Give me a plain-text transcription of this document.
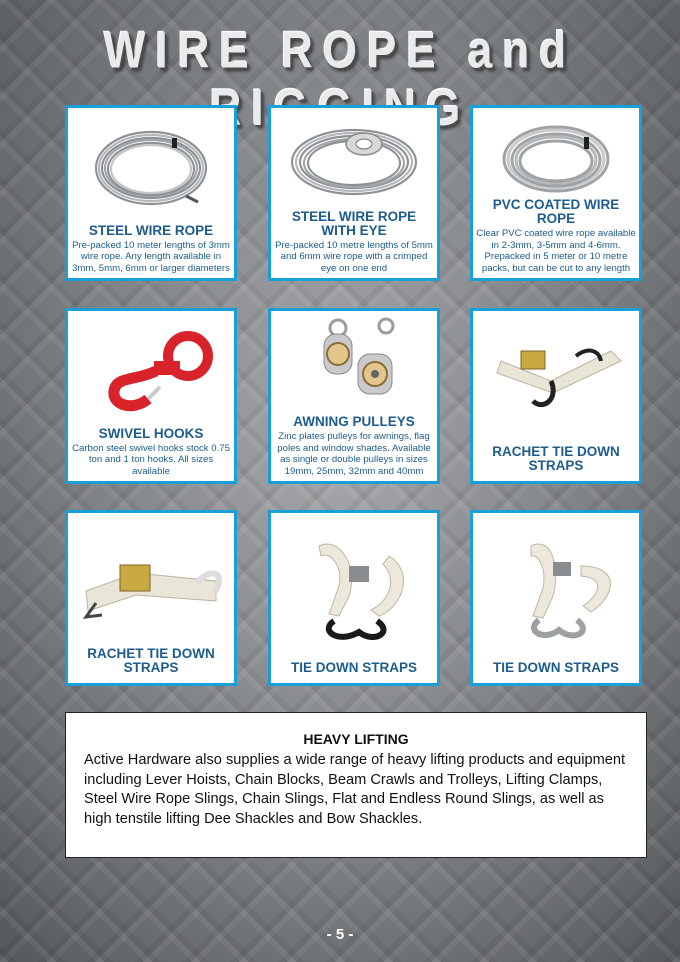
WIRE ROPE and
STEEL WIRE ROPE
Pre-packed 10 meter lengths of 3mm wire rope. Any length available in 3mm, 5mm, 6mm or larger diameters
STEEL WIRE ROPE WITH EYE
Pre-packed 10 metre lengths of 5mm and 6mm wire rope with a crimped eye on one end
PVC COATED WIRE ROPE
Clear PVC coated wire rope available in 2-3mm, 3-5mm and 4-6mm. Prepacked in 5 meter or 10 metre packs, but can be cut to any length
SWIVEL HOOKS
Carbon steel swivel hooks stock 0.75 ton and 1 ton hooks. All sizes available
AWNING PULLEYS
Zinc plates pulleys for awnings, flag poles and window shades. Available as single or double pulleys in sizes 19mm, 25mm, 32mm and 40mm
RACHET TIE DOWN STRAPS
RACHET TIE DOWN STRAPS	TIE DOWN STRAPS	TIE DOWN STRAPS
HEAVY LIFTING
Active Hardware also supplies a wide range of heavy lifting products and equipment including Lever Hoists, Chain Blocks, Beam Crawls and Trolleys, Lifting Clamps, Steel Wire Rope Slings, Chain Slings, Flat and Endless Round Slings, as well as high tenstile lifting Dee Shackles and Bow Shackles.
- 5 -
